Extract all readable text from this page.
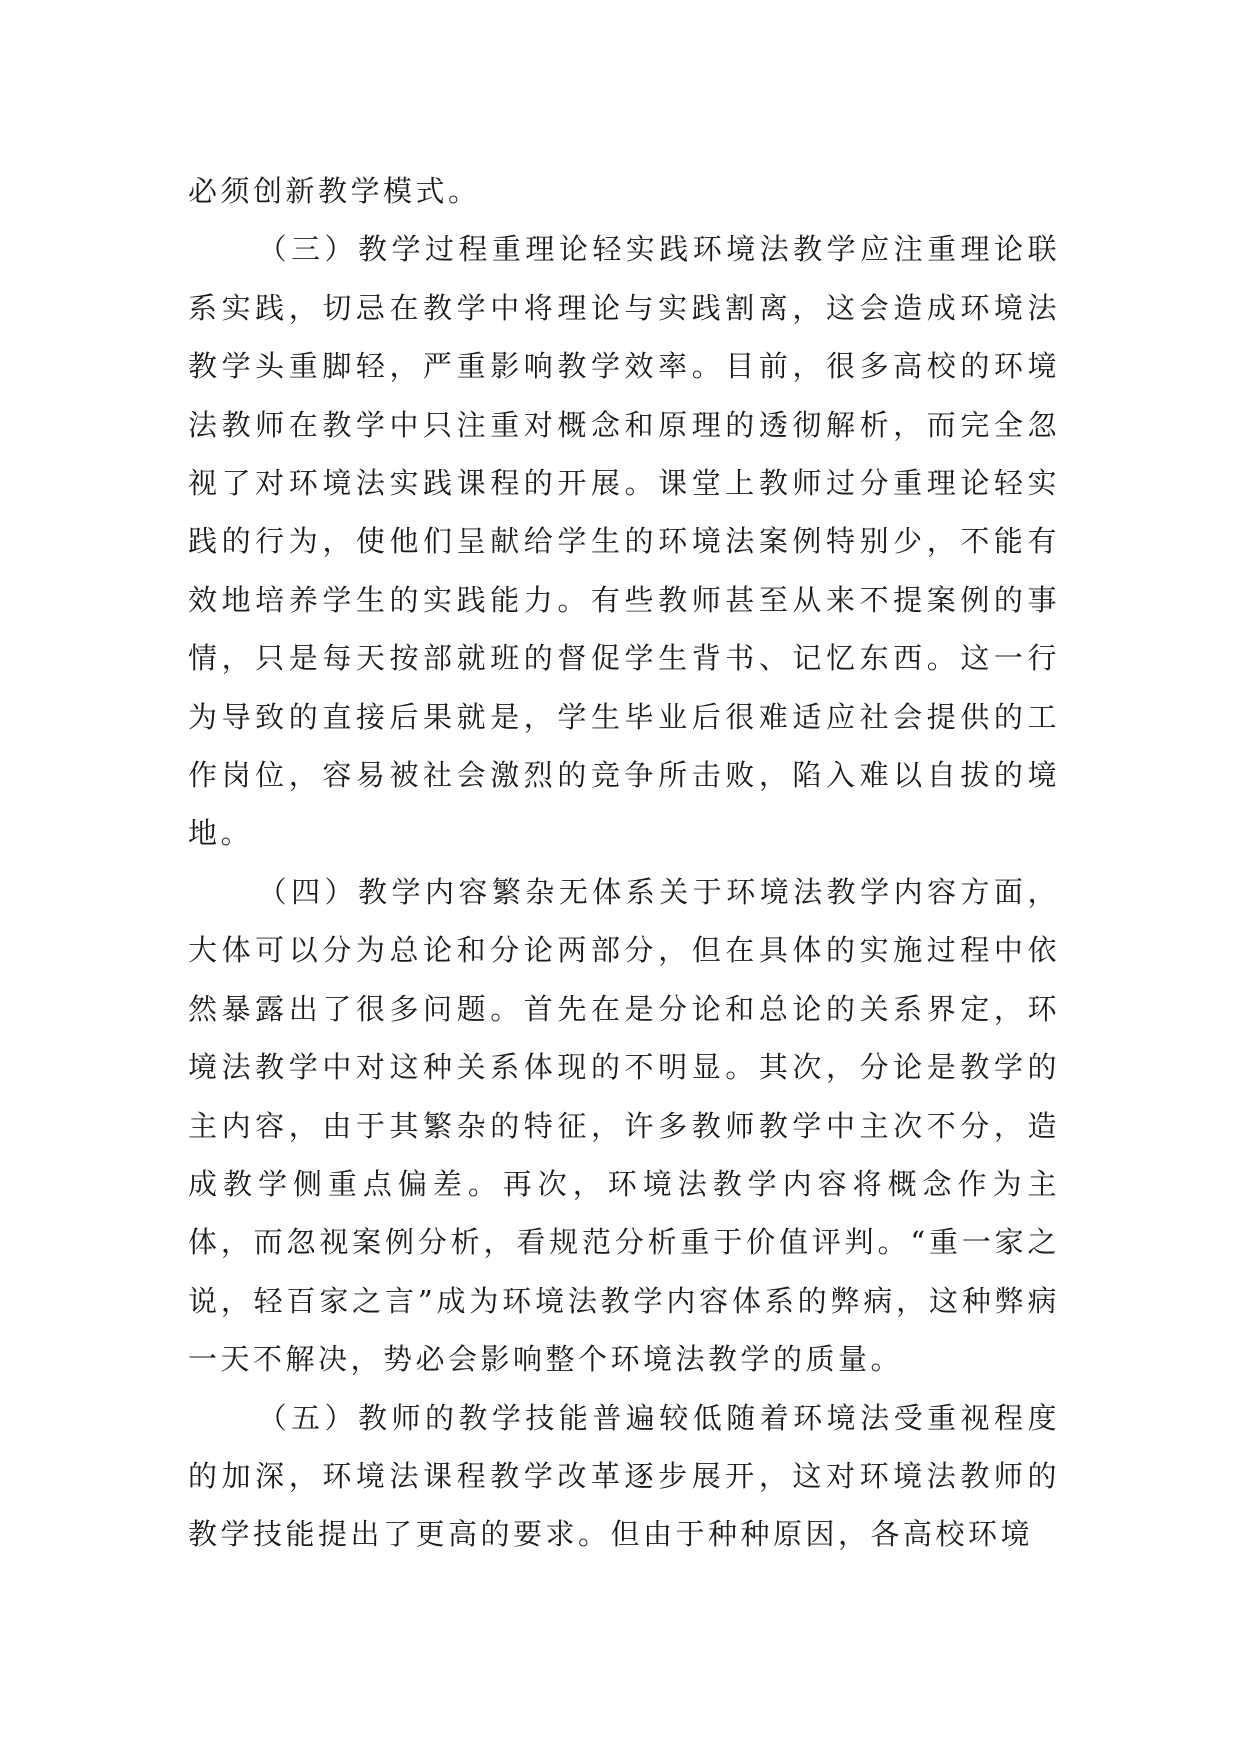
必须创新教学模式。

（三）教学过程重理论轻实践环境法教学应注重理论联系实践，切忌在教学中将理论与实践割离，这会造成环境法教学头重脚轻，严重影响教学效率。目前，很多高校的环境法教师在教学中只注重对概念和原理的透彻解析，而完全忽视了对环境法实践课程的开展。课堂上教师过分重理论轻实践的行为，使他们呈献给学生的环境法案例特别少，不能有效地培养学生的实践能力。有些教师甚至从来不提案例的事情，只是每天按部就班的督促学生背书、记忆东西。这一行为导致的直接后果就是，学生毕业后很难适应社会提供的工作岗位，容易被社会激烈的竞争所击败，陷入难以自拔的境地。

（四）教学内容繁杂无体系关于环境法教学内容方面，大体可以分为总论和分论两部分，但在具体的实施过程中依然暴露出了很多问题。首先在是分论和总论的关系界定，环境法教学中对这种关系体现的不明显。其次，分论是教学的主内容，由于其繁杂的特征，许多教师教学中主次不分，造成教学侧重点偏差。再次，环境法教学内容将概念作为主体，而忽视案例分析，看规范分析重于价值评判。“重一家之说，轻百家之言”成为环境法教学内容体系的弊病，这种弊病一天不解决，势必会影响整个环境法教学的质量。

（五）教师的教学技能普遍较低随着环境法受重视程度的加深，环境法课程教学改革逐步展开，这对环境法教师的教学技能提出了更高的要求。但由于种种原因，各高校环境
